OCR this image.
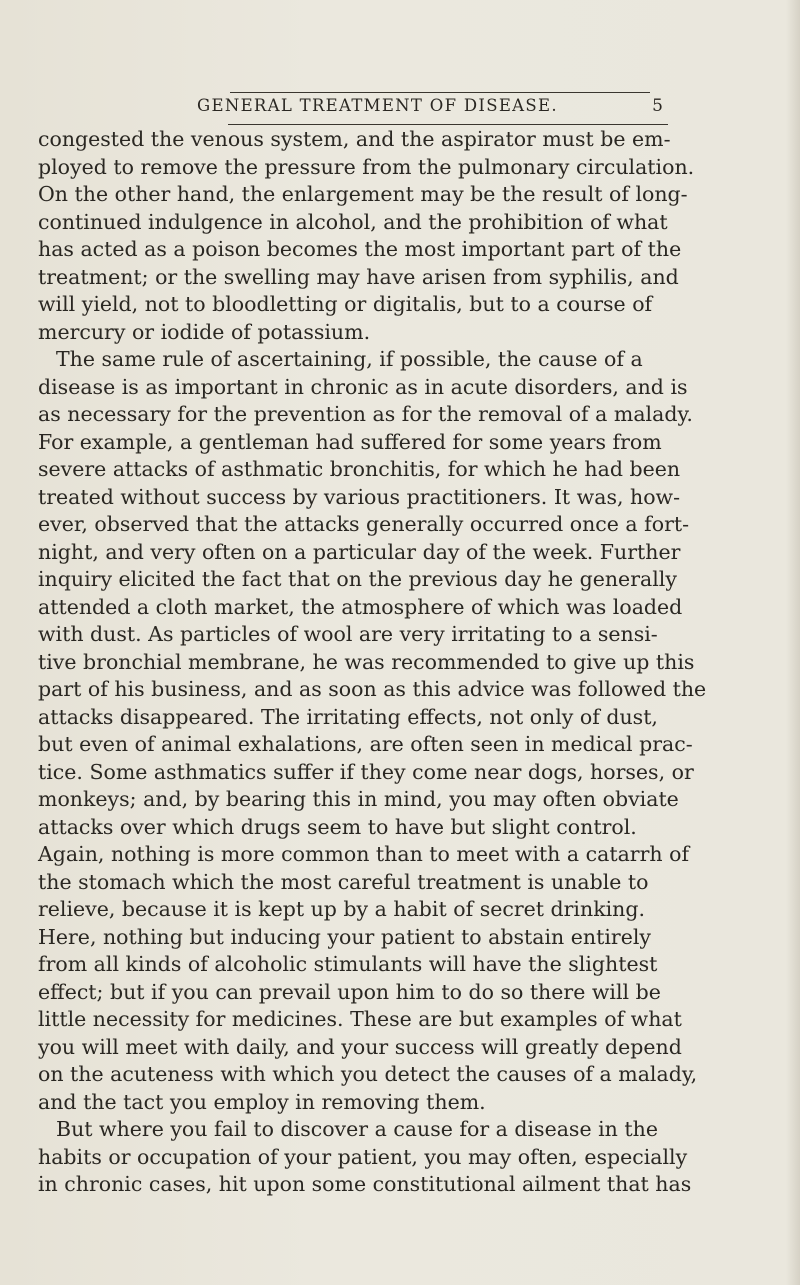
GENERAL TREATMENT OF DISEASE.	5
congested the venous system, and the aspirator must be em-
ployed to remove the pressure from the pulmonary circulation.
On the other hand, the enlargement may be the result of long-
continued indulgence in alcohol, and the prohibition of what
has acted as a poison becomes the most important part of the
treatment; or the swelling may have arisen from syphilis, and
will yield, not to bloodletting or digitalis, but to a course of
mercury or iodide of potassium.
The same rule of ascertaining, if possible, the cause of a
disease is as important in chronic as in acute disorders, and is
as necessary for the prevention as for the removal of a malady.
For example, a gentleman had suffered for some years from
severe attacks of asthmatic bronchitis, for which he had been
treated without success by various practitioners. It was, how-
ever, observed that the attacks generally occurred once a fort-
night, and very often on a particular day of the week. Further
inquiry elicited the fact that on the previous day he generally
attended a cloth market, the atmosphere of which was loaded
with dust. As particles of wool are very irritating to a sensi-
tive bronchial membrane, he was recommended to give up this
part of his business, and as soon as this advice was followed the
attacks disappeared. The irritating effects, not only of dust,
but even of animal exhalations, are often seen in medical prac-
tice. Some asthmatics suffer if they come near dogs, horses, or
monkeys; and, by bearing this in mind, you may often obviate
attacks over which drugs seem to have but slight control.
Again, nothing is more common than to meet with a catarrh of
the stomach which the most careful treatment is unable to
relieve, because it is kept up by a habit of secret drinking.
Here, nothing but inducing your patient to abstain entirely
from all kinds of alcoholic stimulants will have the slightest
effect; but if you can prevail upon him to do so there will be
little necessity for medicines. These are but examples of what
you will meet with daily, and your success will greatly depend
on the acuteness with which you detect the causes of a malady,
and the tact you employ in removing them.
But where you fail to discover a cause for a disease in the
habits or occupation of your patient, you may often, especially
in chronic cases, hit upon some constitutional ailment that has
